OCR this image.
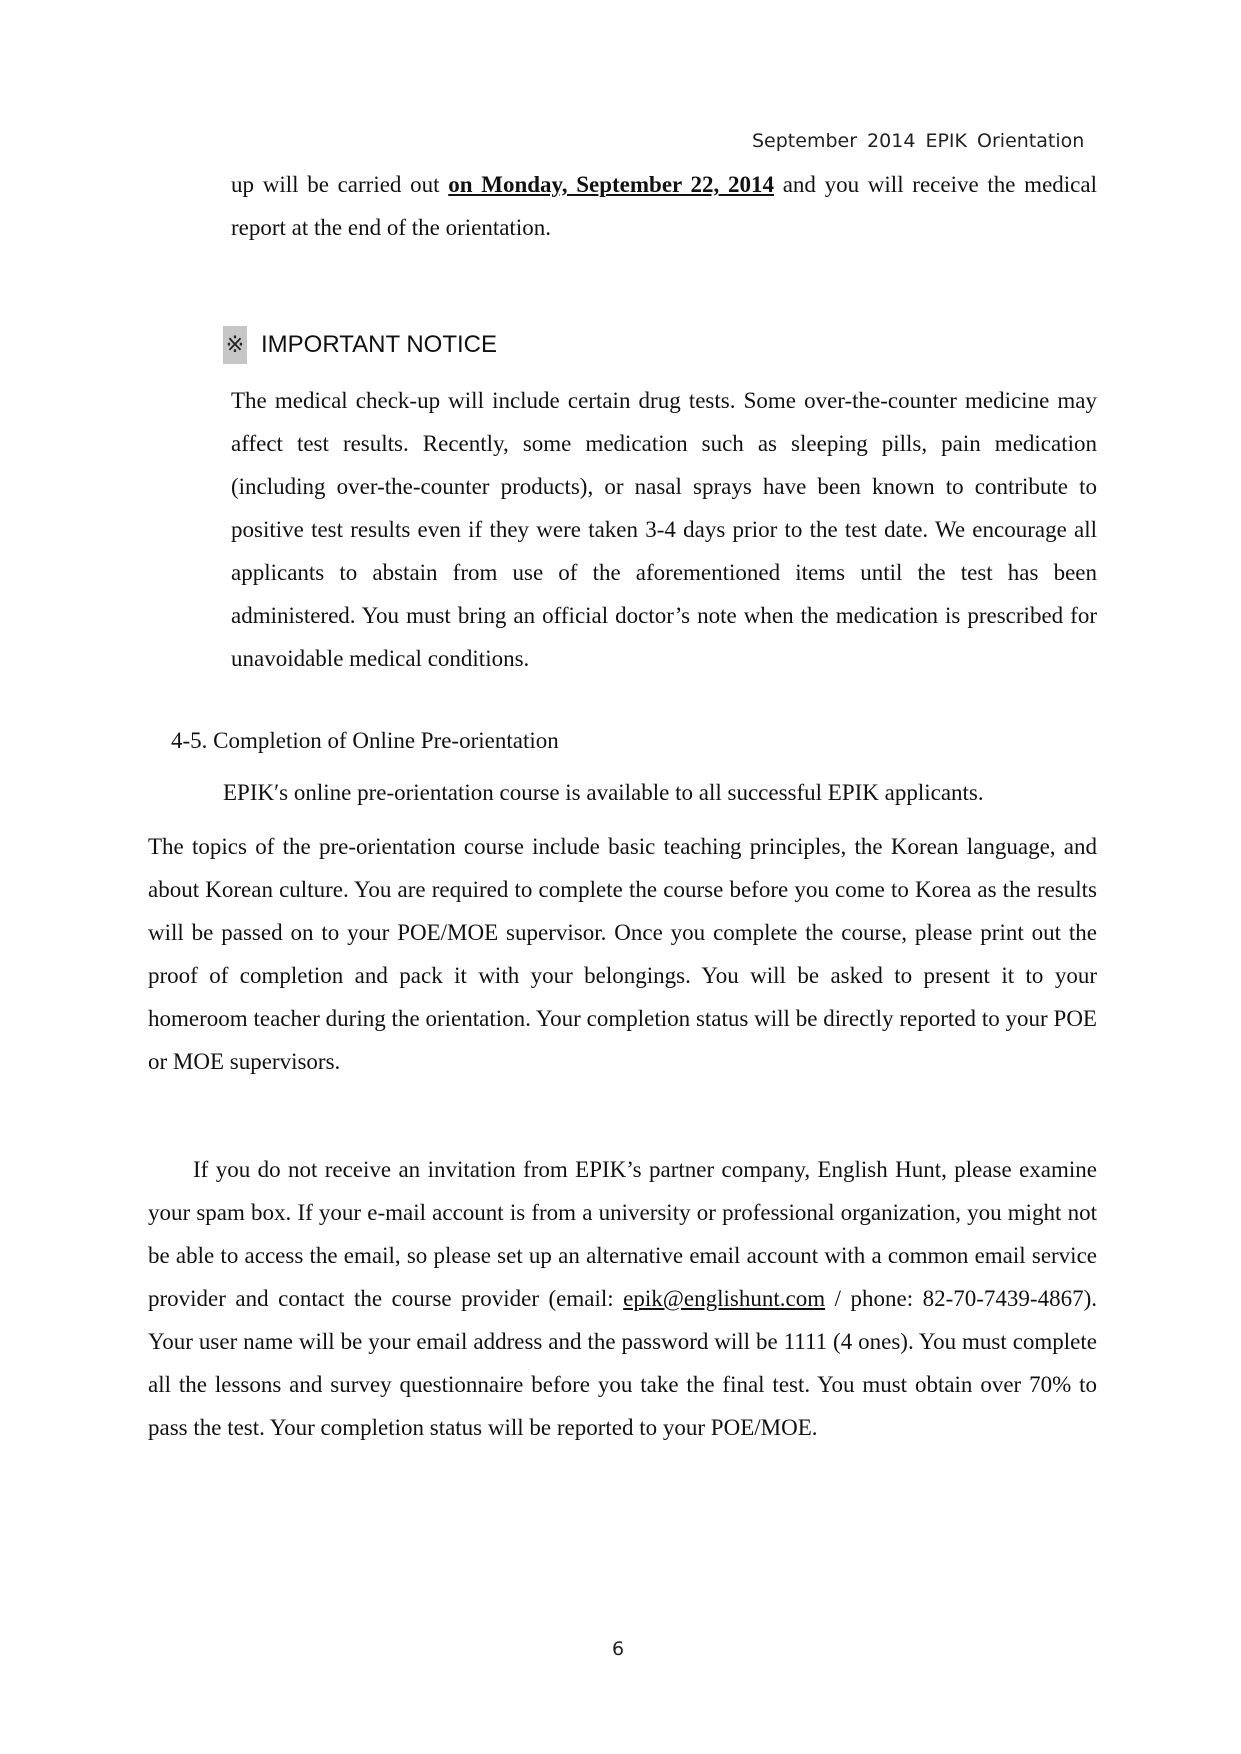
September 2014 EPIK Orientation
up will be carried out on Monday, September 22, 2014 and you will receive the medical report at the end of the orientation.
※ IMPORTANT NOTICE
The medical check-up will include certain drug tests. Some over-the-counter medicine may affect test results. Recently, some medication such as sleeping pills, pain medication (including over-the-counter products), or nasal sprays have been known to contribute to positive test results even if they were taken 3-4 days prior to the test date. We encourage all applicants to abstain from use of the aforementioned items until the test has been administered. You must bring an official doctor’s note when the medication is prescribed for unavoidable medical conditions.
4-5. Completion of Online Pre-orientation
EPIK′s online pre-orientation course is available to all successful EPIK applicants.
The topics of the pre-orientation course include basic teaching principles, the Korean language, and about Korean culture. You are required to complete the course before you come to Korea as the results will be passed on to your POE/MOE supervisor. Once you complete the course, please print out the proof of completion and pack it with your belongings. You will be asked to present it to your homeroom teacher during the orientation. Your completion status will be directly reported to your POE or MOE supervisors.
If you do not receive an invitation from EPIK’s partner company, English Hunt, please examine your spam box. If your e-mail account is from a university or professional organization, you might not be able to access the email, so please set up an alternative email account with a common email service provider and contact the course provider (email: epik@englishunt.com / phone: 82-70-7439-4867). Your user name will be your email address and the password will be 1111 (4 ones). You must complete all the lessons and survey questionnaire before you take the final test. You must obtain over 70% to pass the test. Your completion status will be reported to your POE/MOE.
6
